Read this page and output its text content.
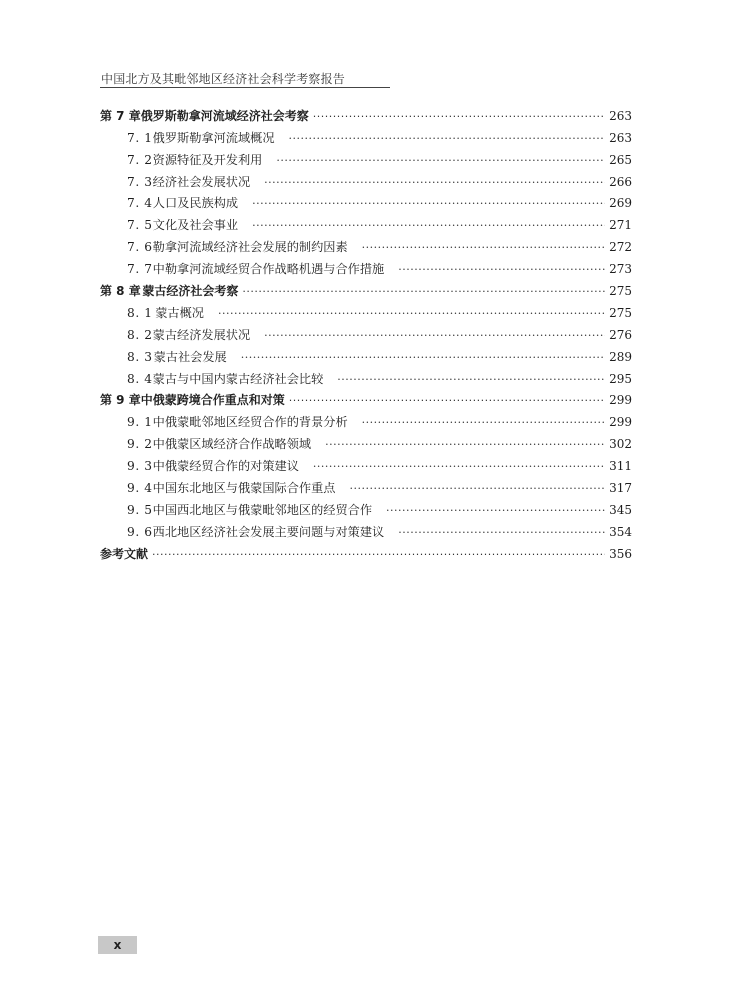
中国北方及其毗邻地区经济社会科学考察报告
第 7 章 俄罗斯勒拿河流域经济社会考察 ·····	263
7. 1 俄罗斯勒拿河流域概况 ·····	263
7. 2 资源特征及开发利用 ·····	265
7. 3 经济社会发展状况 ·····	266
7. 4 人口及民族构成 ·····	269
7. 5 文化及社会事业 ·····	271
7. 6 勒拿河流域经济社会发展的制约因素 ·····	272
7. 7 中勒拿河流域经贸合作战略机遇与合作措施 ·····	273
第 8 章 蒙古经济社会考察 ·····	275
8. 1 蒙古概况 ·····	275
8. 2 蒙古经济发展状况 ·····	276
8. 3 蒙古社会发展 ·····	289
8. 4 蒙古与中国内蒙古经济社会比较 ·····	295
第 9 章 中俄蒙跨境合作重点和对策 ·····	299
9. 1 中俄蒙毗邻地区经贸合作的背景分析 ·····	299
9. 2 中俄蒙区域经济合作战略领域 ·····	302
9. 3 中俄蒙经贸合作的对策建议 ·····	311
9. 4 中国东北地区与俄蒙国际合作重点 ·····	317
9. 5 中国西北地区与俄蒙毗邻地区的经贸合作 ·····	345
9. 6 西北地区经济社会发展主要问题与对策建议 ·····	354
参考文献 ·····	356
x
